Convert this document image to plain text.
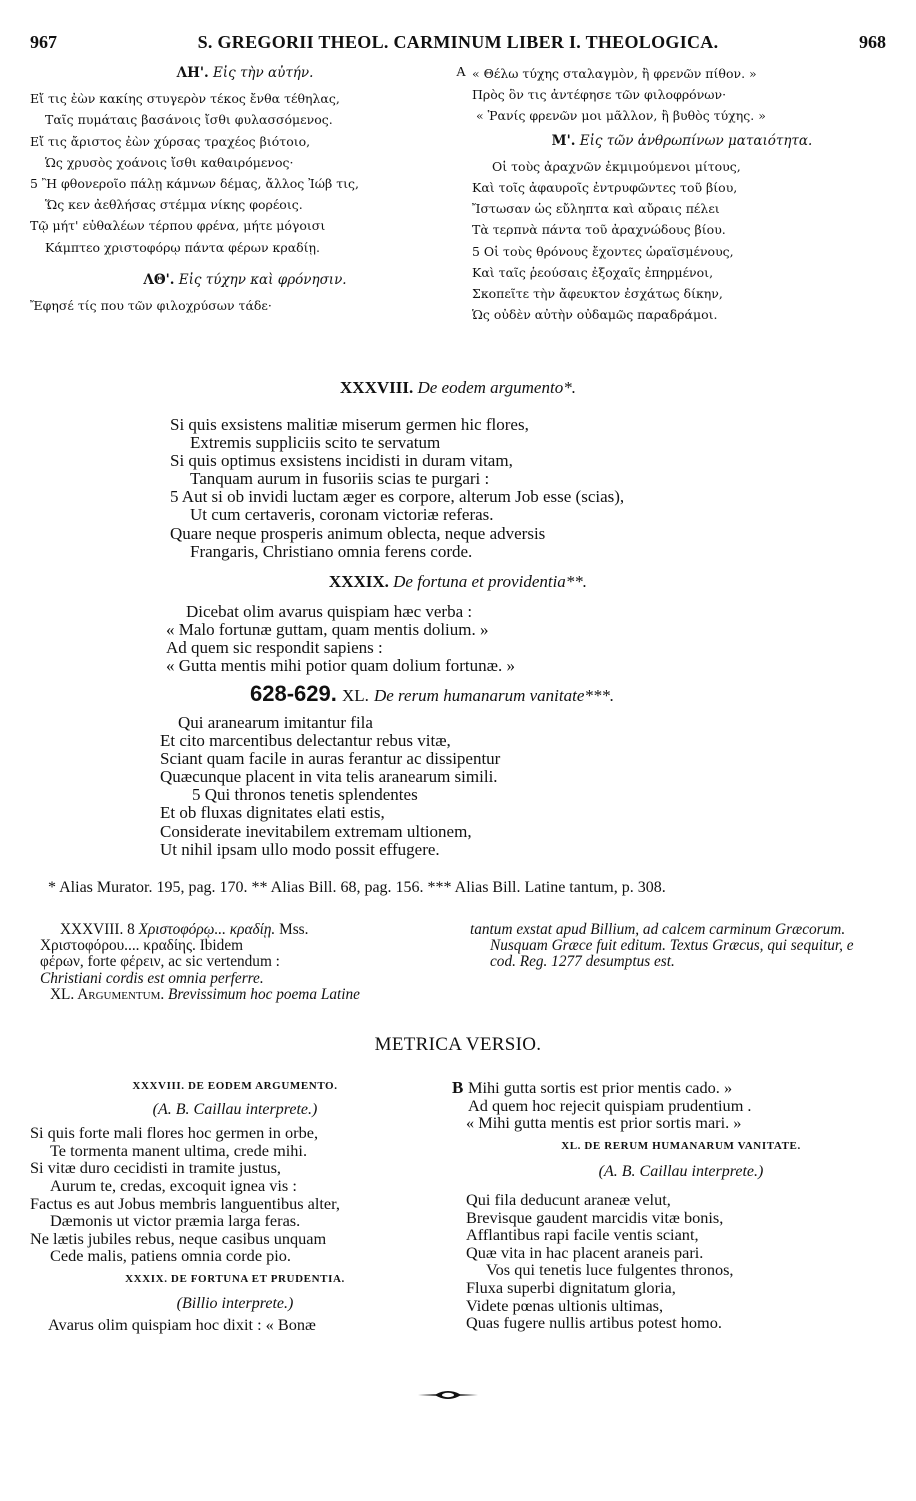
967	S. GREGORII THEOL. CARMINUM LIBER I. THEOLOGICA.	968
ΛΗ'. Εἰς τὴν αὐτήν.
Εἴ τις ἐὼν κακίης στυγερὸν τέκος ἔνθα τέθηλας,
Ταῖς πυμάταις βασάνοις ἴσθι φυλασσόμενος.
Εἴ τις ἄριστος ἐὼν χύρσας τραχέος βιότοιο,
Ὡς χρυσὸς χοάνοις ἴσθι καθαιρόμενος·
5 Ἢ φθονεροῖο πάλῃ κάμνων δέμας, ἄλλος Ἰώβ τις,
Ὥς κεν ἀεθλήσας στέμμα νίκης φορέοις.
Τῷ μήτ' εὐθαλέων τέρπου φρένα, μήτε μόγοισι
Κάμπτεο χριστοφόρῳ πάντα φέρων κραδίῃ.
ΛΘ'. Εἰς τύχην καὶ φρόνησιν.
Ἔφησέ τίς που τῶν φιλοχρύσων τάδε·
A « Θέλω τύχης σταλαγμὸν, ἢ φρενῶν πίθον. »
Πρὸς ὃν τις ἀντέφησε τῶν φιλοφρόνων·
« Ῥανίς φρενῶν μοι μᾶλλον, ἢ βυθὸς τύχης. »
Μ'. Εἰς τῶν ἀνθρωπίνων ματαιότητα.
Οἱ τοὺς ἀραχνῶν ἐκμιμούμενοι μίτους,
Καὶ τοῖς ἀφαυροῖς ἐντρυφῶντες τοῦ βίου,
Ἴστωσαν ὡς εὔληπτα καὶ αὔραις πέλει
Τὰ τερπνὰ πάντα τοῦ ἀραχνώδους βίου.
5 Οἱ τοὺς θρόνους ἔχοντες ὡραϊσμένους,
Καὶ ταῖς ῥεούσαις ἐξοχαῖς ἐπηρμένοι,
Σκοπεῖτε τὴν ἄφευκτον ἐσχάτως δίκην,
Ὡς οὐδὲν αὐτὴν οὐδαμῶς παραδράμοι.
XXXVIII. De eodem argumento*.
Si quis exsistens malitiæ miserum germen hic flores,
Extremis suppliciis scito te servatum
Si quis optimus exsistens incidisti in duram vitam,
Tanquam aurum in fusoriis scias te purgari :
5 Aut si ob invidi luctam æger es corpore, alterum Job esse (scias),
Ut cum certaveris, coronam victoriæ referas.
Quare neque prosperis animum oblecta, neque adversis
Frangaris, Christiano omnia ferens corde.
XXXIX. De fortuna et providentia**.
Dicebat olim avarus quispiam hæc verba :
« Malo fortunæ guttam, quam mentis dolium. »
Ad quem sic respondit sapiens :
« Gutta mentis mihi potior quam dolium fortunæ. »
628-629. XL. De rerum humanarum vanitate***.
Qui aranearum imitantur fila
Et cito marcentibus delectantur rebus vitæ,
Sciant quam facile in auras ferantur ac dissipentur
Quæcunque placent in vita telis aranearum simili.
5 Qui thronos tenetis splendentes
Et ob fluxas dignitates elati estis,
Considerate inevitabilem extremam ultionem,
Ut nihil ipsam ullo modo possit effugere.
* Alias Murator. 195, pag. 170. ** Alias Bill. 68, pag. 156. *** Alias Bill. Latine tantum, p. 308.
XXXVIII. 8 Χριστοφόρῳ... κραδίῃ. Mss.
Χριστοφόρου.... κραδίης. Ibidem
φέρων, forte φέρειν, ac sic vertendum :
Christiani cordis est omnia perferre.
XL. Argumentum. Brevissimum hoc poema Latine
tantum exstat apud Billium, ad calcem carminum Græcorum.
Nusquam Græce fuit editum. Textus Græcus, qui sequitur, e cod. Reg. 1277 desumptus est.
METRICA VERSIO.
XXXVIII. DE EODEM ARGUMENTO.
(A. B. Caillau interprete.)
Si quis forte mali flores hoc germen in orbe,
Te tormenta manent ultima, crede mihi.
Si vitæ duro cecidisti in tramite justus,
Aurum te, credas, excoquit ignea vis :
Factus es aut Jobus membris languentibus alter,
Dæmonis ut victor præmia larga feras.
Ne lætis jubiles rebus, neque casibus unquam
Cede malis, patiens omnia corde pio.
XXXIX. DE FORTUNA ET PRUDENTIA.
(Billio interprete.)
Avarus olim quispiam hoc dixit : « Bonæ
B Mihi gutta sortis est prior mentis cado. »
Ad quem hoc rejecit quispiam prudentium .
« Mihi gutta mentis est prior sortis mari. »
XL. DE RERUM HUMANARUM VANITATE.
(A. B. Caillau interprete.)
Qui fila deducunt araneæ velut,
Brevisque gaudent marcidis vitæ bonis,
Afflantibus rapi facile ventis sciant,
Quæ vita in hac placent araneis pari.
Vos qui tenetis luce fulgentes thronos,
Fluxa superbi dignitatum gloria,
Videte pœnas ultionis ultimas,
Quas fugere nullis artibus potest homo.
